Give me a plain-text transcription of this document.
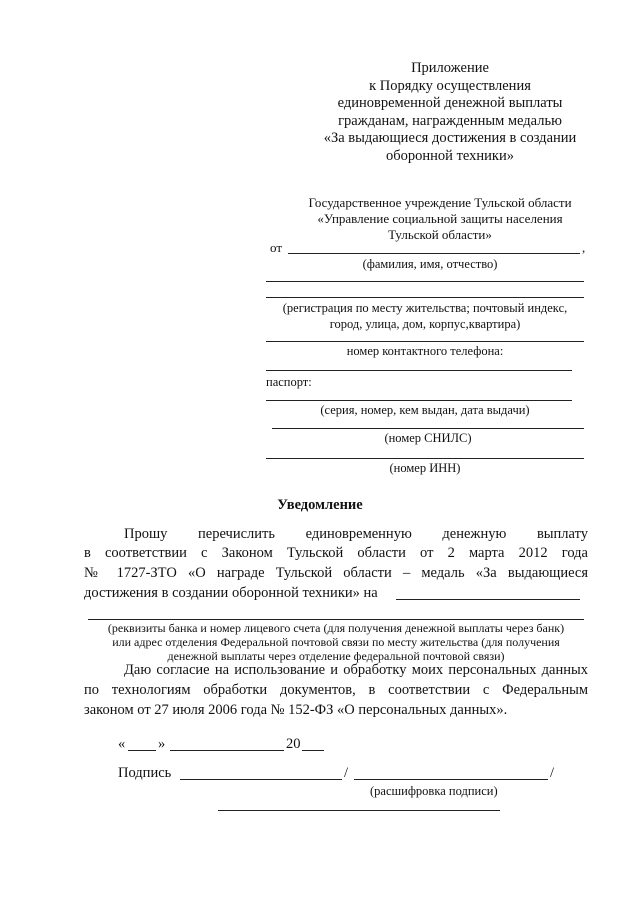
Приложение
к Порядку осуществления
единовременной денежной выплаты
гражданам, награжденным медалью
«За выдающиеся достижения в создании
оборонной техники»
Государственное учреждение Тульской области
«Управление социальной защиты населения
Тульской области»
от	,
(фамилия, имя, отчество)
(регистрация по месту жительства; почтовый индекс,
город, улица, дом, корпус,квартира)
номер контактного телефона:
паспорт:
(серия, номер, кем выдан, дата выдачи)
(номер СНИЛС)
(номер ИНН)
Уведомление
Прошу перечислить единовременную денежную выплату
в соответствии с Законом Тульской области от 2 марта 2012 года
№ 1727-ЗТО «О награде Тульской области – медаль «За выдающиеся
достижения в создании оборонной техники» на
(реквизиты банка и номер лицевого счета (для получения денежной выплаты через банк)
или адрес отделения Федеральной почтовой связи по месту жительства (для получения
денежной выплаты через отделение федеральной почтовой связи)
Даю согласие на использование и обработку моих персональных данных
по технологиям обработки документов, в соответствии с Федеральным
законом от 27 июля 2006 года № 152-ФЗ «О персональных данных».
« »	20
Подпись	/	/
(расшифровка подписи)
